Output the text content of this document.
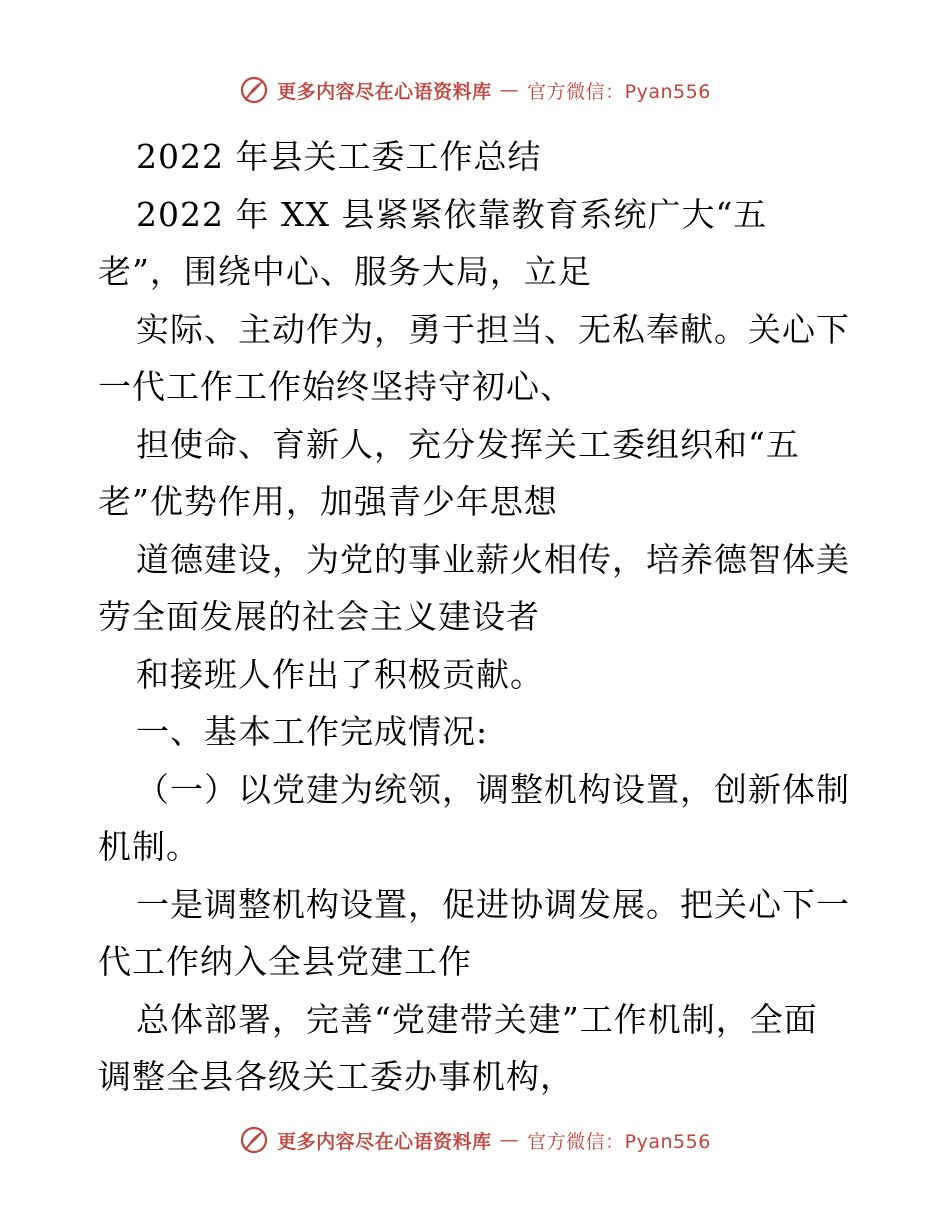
更多内容尽在心语资料库 — 官方微信：Pyan556
2022 年县关工委工作总结
2022 年 XX 县紧紧依靠教育系统广大“五
老”，围绕中心、服务大局，立足
实际、主动作为，勇于担当、无私奉献。关心下
一代工作工作始终坚持守初心、
担使命、育新人，充分发挥关工委组织和“五
老”优势作用，加强青少年思想
道德建设，为党的事业薪火相传，培养德智体美
劳全面发展的社会主义建设者
和接班人作出了积极贡献。
一、基本工作完成情况:
（一）以党建为统领，调整机构设置，创新体制
机制。
一是调整机构设置，促进协调发展。把关心下一
代工作纳入全县党建工作
总体部署，完善“党建带关建”工作机制，全面
调整全县各级关工委办事机构，
更多内容尽在心语资料库 — 官方微信：Pyan556
